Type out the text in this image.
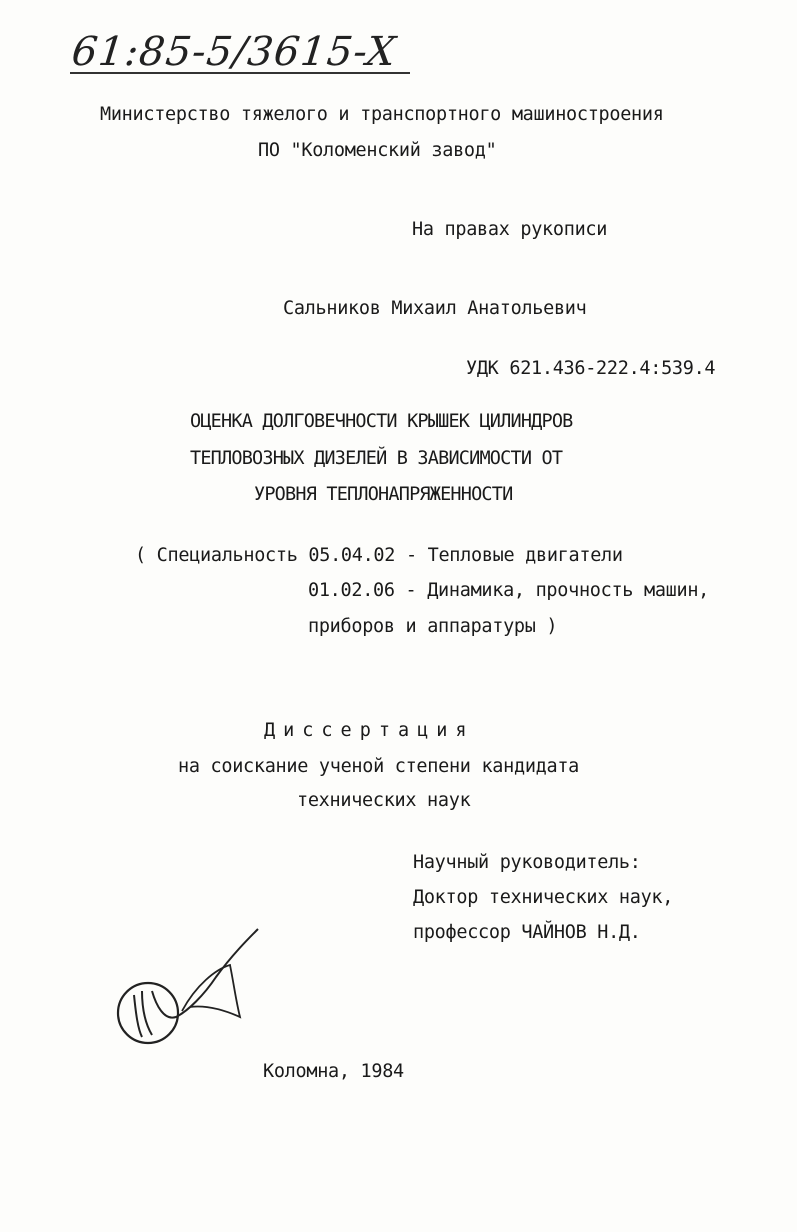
61:85-5/3615-X
Министерство тяжелого и транспортного машиностроения
ПО "Коломенский завод"
На правах рукописи
Сальников Михаил Анатольевич
УДК 621.436-222.4:539.4
ОЦЕНКА ДОЛГОВЕЧНОСТИ КРЫШЕК ЦИЛИНДРОВ
ТЕПЛОВОЗНЫХ ДИЗЕЛЕЙ В ЗАВИСИМОСТИ ОТ
УРОВНЯ ТЕПЛОНАПРЯЖЕННОСТИ
( Специальность 05.04.02 - Тепловые двигатели
01.02.06 - Динамика, прочность машин,
приборов и аппаратуры )
Диссертация
на соискание ученой степени кандидата
технических наук
Научный руководитель:
Доктор технических наук,
профессор ЧАЙНОВ Н.Д.
Коломна, 1984
